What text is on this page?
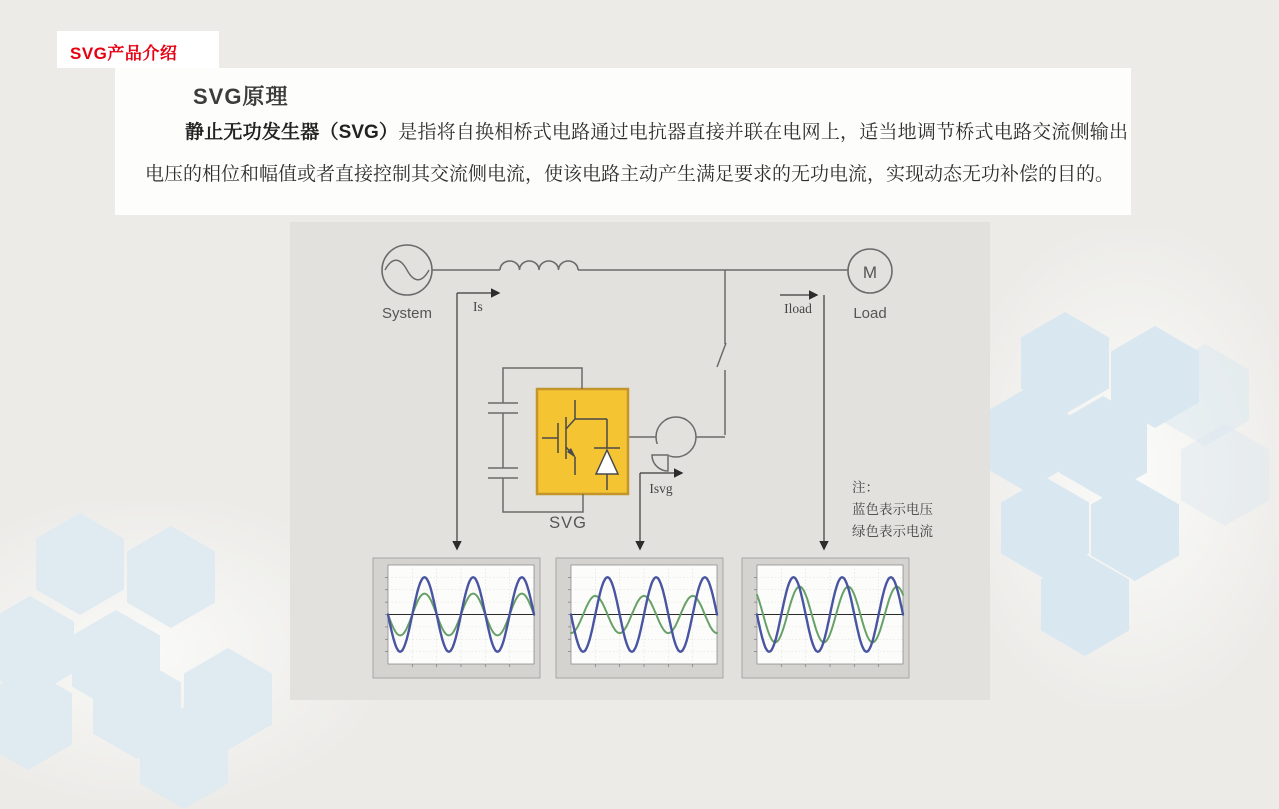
SVG产品介绍
SVG原理

静止无功发生器（SVG）是指将自换相桥式电路通过电抗器直接并联在电网上，适当地调节桥式电路交流侧输出电压的相位和幅值或者直接控制其交流侧电流，使该电路主动产生满足要求的无功电流，实现动态无功补偿的目的。

System
M
Load
Is	Iload
SVG
Isvg	注：
蓝色表示电压
绿色表示电流
